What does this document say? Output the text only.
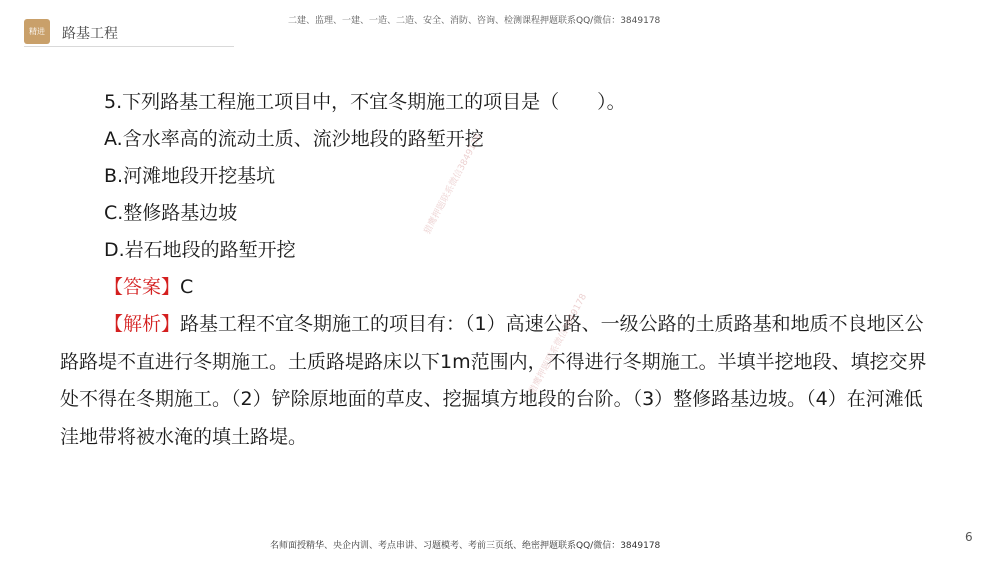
精进	路基工程
二建、监理、一建、一造、二造、安全、消防、咨询、检测课程押题联系QQ/微信：3849178

5.下列路基工程施工项目中，不宜冬期施工的项目是（　　）。

A.含水率高的流动土质、流沙地段的路堑开挖

B.河滩地段开挖基坑

C.整修路基边坡

D.岩石地段的路堑开挖

【答案】C

【解析】路基工程不宜冬期施工的项目有：（1）高速公路、一级公路的土质路基和地质不良地区公路路堤不直进行冬期施工。土质路堤路床以下1m范围内，不得进行冬期施工。半填半挖地段、填挖交界处不得在冬期施工。（2）铲除原地面的草皮、挖掘填方地段的台阶。（3）整修路基边坡。（4）在河滩低洼地带将被水淹的填土路堤。

猎鹰押题联系微信3849178
猎鹰押题联系微信3849178
名师面授精华、央企内训、考点串讲、习题模考、考前三页纸、绝密押题联系QQ/微信：3849178
6
